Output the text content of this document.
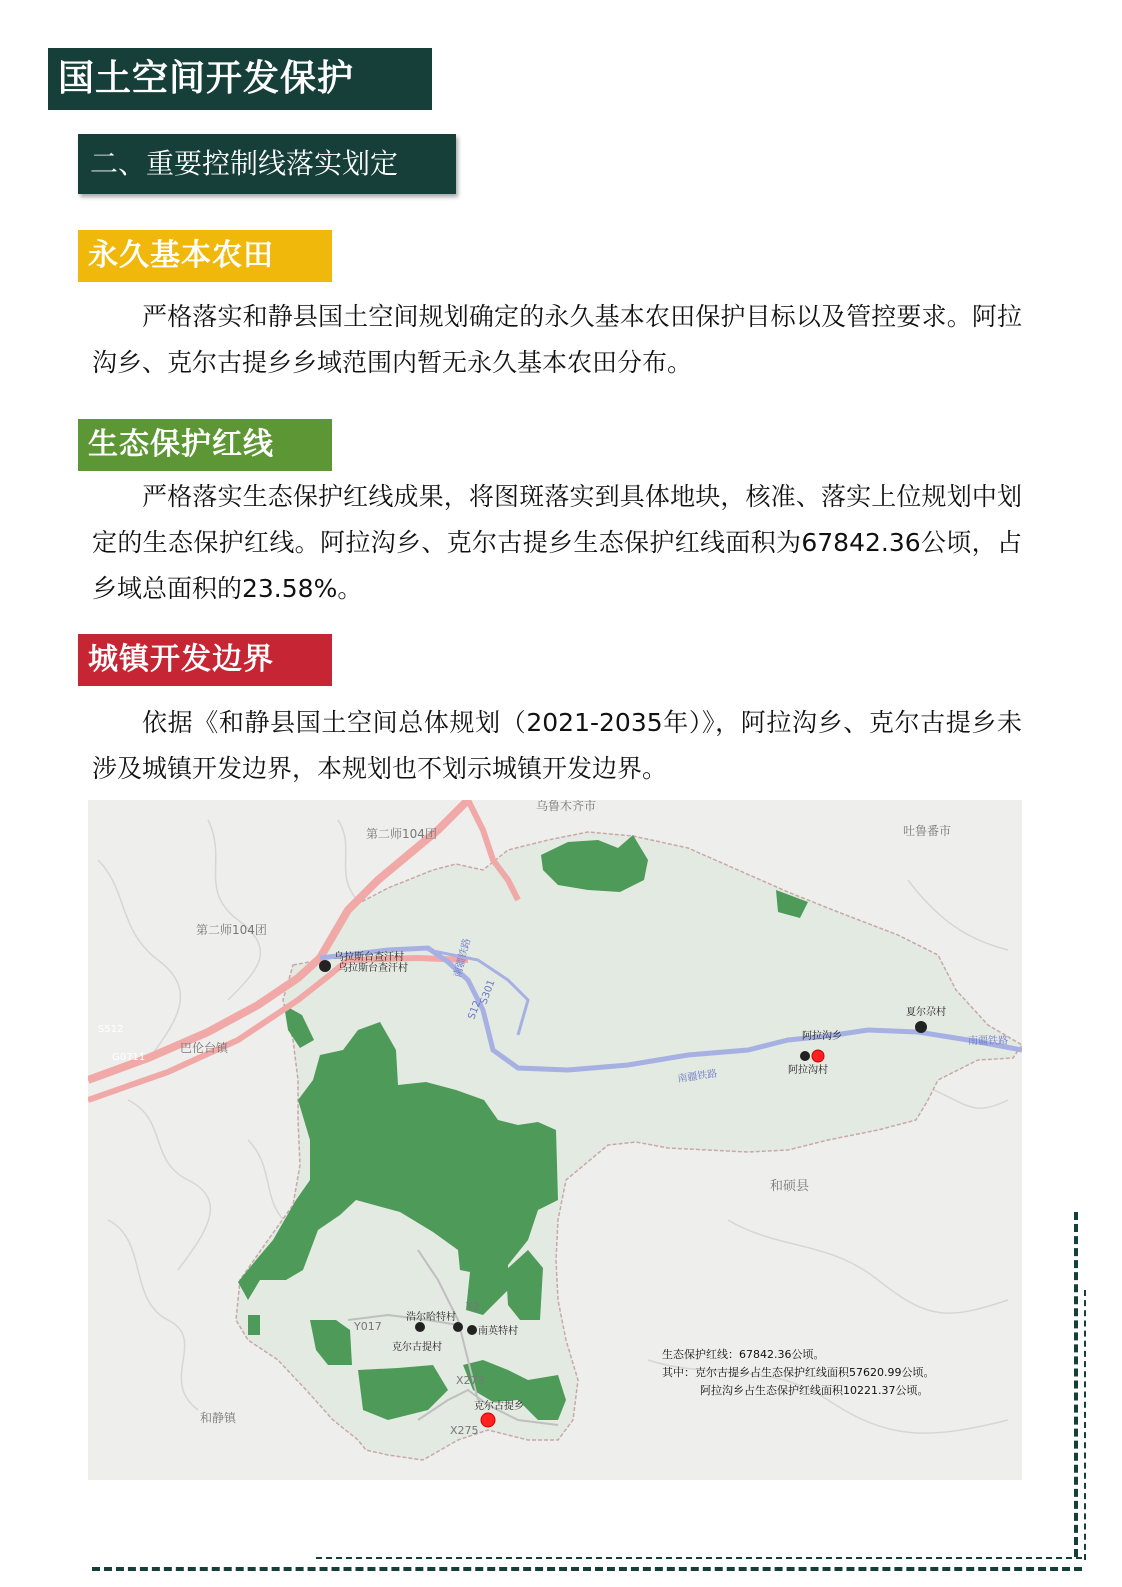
国土空间开发保护
二、重要控制线落实划定
永久基本农田

严格落实和静县国土空间规划确定的永久基本农田保护目标以及管控要求。阿拉沟乡、克尔古提乡乡域范围内暂无永久基本农田分布。

生态保护红线

严格落实生态保护红线成果，将图斑落实到具体地块，核准、落实上位规划中划定的生态保护红线。阿拉沟乡、克尔古提乡生态保护红线面积为67842.36公顷，占乡域总面积的23.58%。

城镇开发边界

依据《和静县国土空间总体规划（2021-2035年）》，阿拉沟乡、克尔古提乡未涉及城镇开发边界，本规划也不划示城镇开发边界。

乌鲁木齐市
吐鲁番市
第二师104团
第二师104团
巴伦台镇
和硕县
和静镇
Y017
Y2
X273
X275
S512
G0711
S301
S12
南疆铁路
南疆铁路
南疆铁路
乌拉斯台查汗村
乌拉斯台查汗村
阿拉沟乡
阿拉沟村
夏尔尕村
浩尔哈特村
克尔古提村
南英特村
克尔古提乡
生态保护红线：67842.36公顷。
其中：克尔古提乡占生态保护红线面积57620.99公顷。
阿拉沟乡占生态保护红线面积10221.37公顷。
